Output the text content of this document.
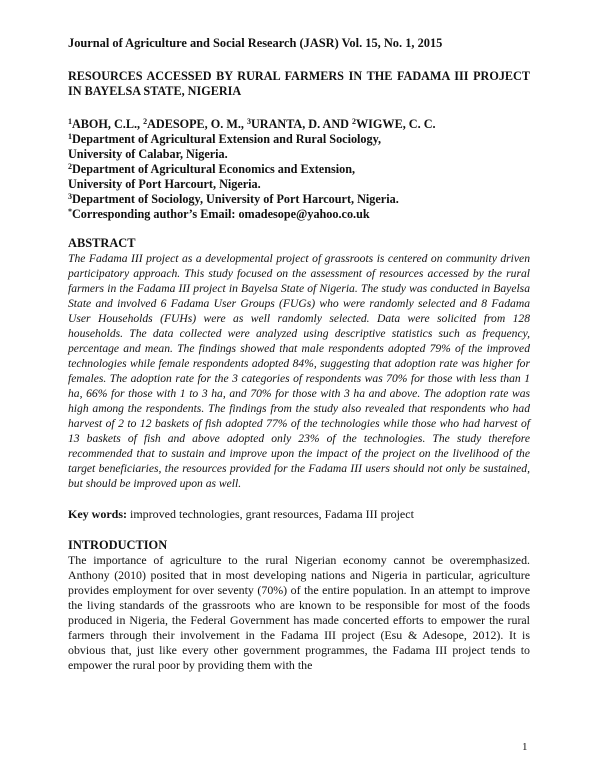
Journal of Agriculture and Social Research (JASR) Vol. 15, No. 1, 2015
RESOURCES ACCESSED BY RURAL FARMERS IN THE FADAMA III PROJECT IN BAYELSA STATE, NIGERIA
$^1$ABOH, C.L., $^2$ADESOPE, O. M., $^3$URANTA, D. AND $^2$WIGWE, C. C.
$^1$Department of Agricultural Extension and Rural Sociology,
University of Calabar, Nigeria.
$^2$Department of Agricultural Economics and Extension,
University of Port Harcourt, Nigeria.
$^3$Department of Sociology, University of Port Harcourt, Nigeria.
*Corresponding author’s Email: omadesope@yahoo.co.uk
ABSTRACT
The Fadama III project as a developmental project of grassroots is centered on community driven participatory approach. This study focused on the assessment of resources accessed by the rural farmers in the Fadama III project in Bayelsa State of Nigeria. The study was conducted in Bayelsa State and involved 6 Fadama User Groups (FUGs) who were randomly selected and 8 Fadama User Households (FUHs) were as well randomly selected. Data were solicited from 128 households. The data collected were analyzed using descriptive statistics such as frequency, percentage and mean. The findings showed that male respondents adopted 79% of the improved technologies while female respondents adopted 84%, suggesting that adoption rate was higher for females. The adoption rate for the 3 categories of respondents was 70% for those with less than 1 ha, 66% for those with 1 to 3 ha, and 70% for those with 3 ha and above. The adoption rate was high among the respondents. The findings from the study also revealed that respondents who had harvest of 2 to 12 baskets of fish adopted 77% of the technologies while those who had harvest of 13 baskets of fish and above adopted only 23% of the technologies. The study therefore recommended that to sustain and improve upon the impact of the project on the livelihood of the target beneficiaries, the resources provided for the Fadama III users should not only be sustained, but should be improved upon as well.
Key words: improved technologies, grant resources, Fadama III project
INTRODUCTION
The importance of agriculture to the rural Nigerian economy cannot be overemphasized. Anthony (2010) posited that in most developing nations and Nigeria in particular, agriculture provides employment for over seventy (70%) of the entire population. In an attempt to improve the living standards of the grassroots who are known to be responsible for most of the foods produced in Nigeria, the Federal Government has made concerted efforts to empower the rural farmers through their involvement in the Fadama III project (Esu & Adesope, 2012). It is obvious that, just like every other government programmes, the Fadama III project tends to empower the rural poor by providing them with the
1
